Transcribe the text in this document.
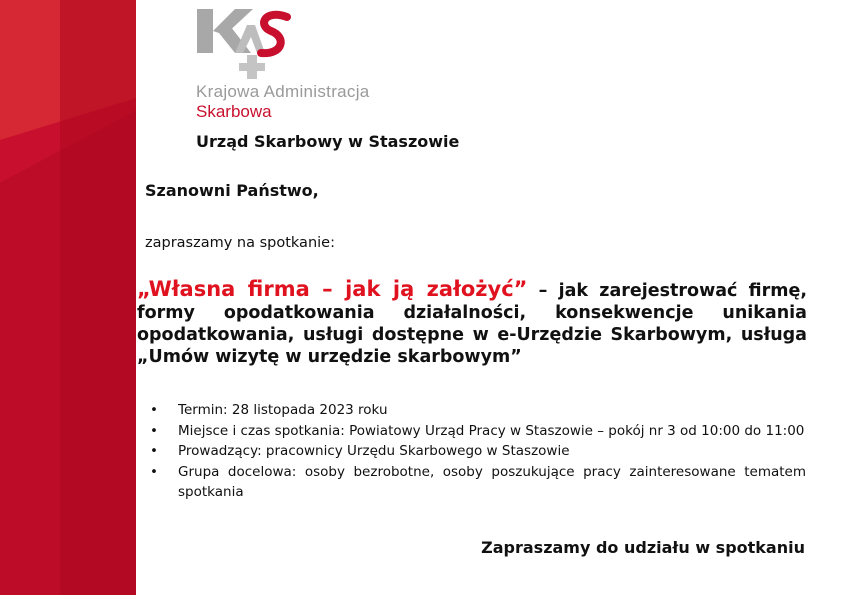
Krajowa Administracja
Skarbowa
Urząd Skarbowy w Staszowie
Szanowni Państwo,
zapraszamy na spotkanie:
„Własna firma – jak ją założyć” – jak zarejestrować firmę, formy opodatkowania działalności, konsekwencje unikania opodatkowania, usługi dostępne w e-Urzędzie Skarbowym, usługa „Umów wizytę w urzędzie skarbowym”
• Termin: 28 listopada 2023 roku
• Miejsce i czas spotkania: Powiatowy Urząd Pracy w Staszowie – pokój nr 3 od 10:00 do 11:00
• Prowadzący: pracownicy Urzędu Skarbowego w Staszowie
• Grupa docelowa: osoby bezrobotne, osoby poszukujące pracy zainteresowane tematem spotkania
Zapraszamy do udziału w spotkaniu
